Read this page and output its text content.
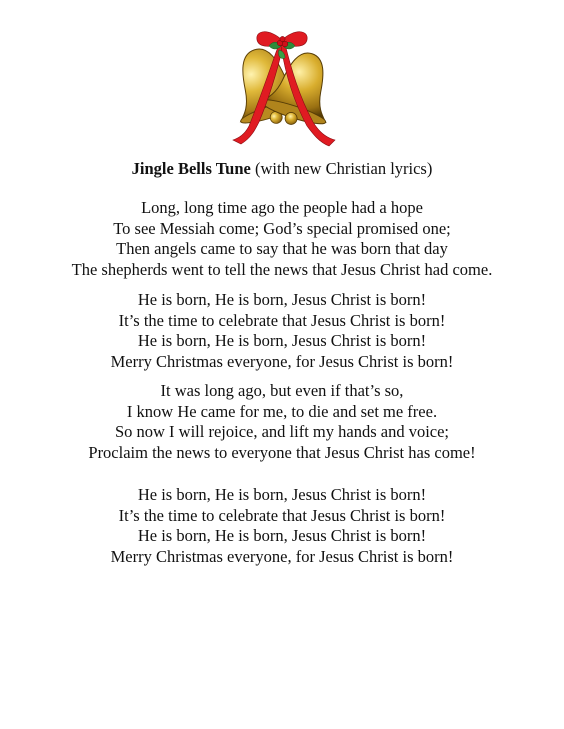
Jingle Bells Tune (with new Christian lyrics)
Long, long time ago the people had a hope
To see Messiah come; God’s special promised one;
Then angels came to say that he was born that day
The shepherds went to tell the news that Jesus Christ had come.
He is born, He is born, Jesus Christ is born!
It’s the time to celebrate that Jesus Christ is born!
He is born, He is born, Jesus Christ is born!
Merry Christmas everyone, for Jesus Christ is born!
It was long ago, but even if that’s so,
I know He came for me, to die and set me free.
So now I will rejoice, and lift my hands and voice;
Proclaim the news to everyone that Jesus Christ has come!
He is born, He is born, Jesus Christ is born!
It’s the time to celebrate that Jesus Christ is born!
He is born, He is born, Jesus Christ is born!
Merry Christmas everyone, for Jesus Christ is born!
